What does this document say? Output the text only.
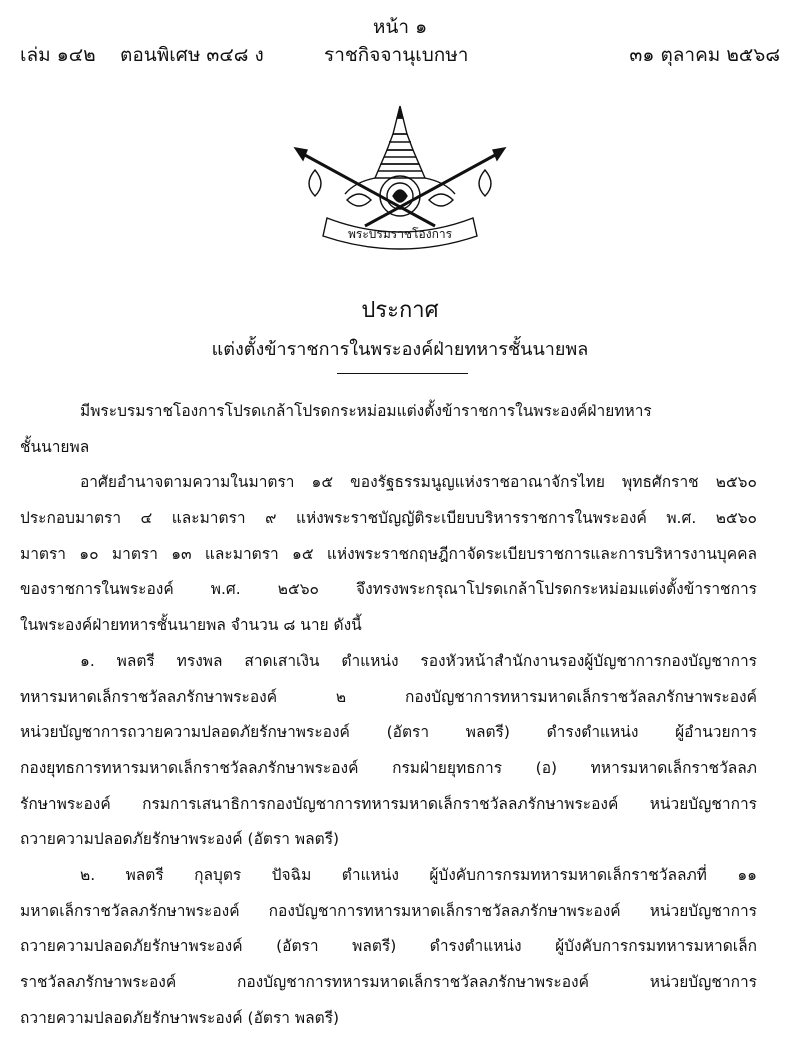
หน้า ๑
เล่ม ๑๔๒ ตอนพิเศษ ๓๔๘ ง	ราชกิจจานุเบกษา	๓๑ ตุลาคม ๒๕๖๘
พระบรมราชโองการ
ประกาศ
แต่งตั้งข้าราชการในพระองค์ฝ่ายทหารชั้นนายพล
มีพระบรมราชโองการโปรดเกล้าโปรดกระหม่อมแต่งตั้งข้าราชการในพระองค์ฝ่ายทหาร
ชั้นนายพล
อาศัยอำนาจตามความในมาตรา ๑๕ ของรัฐธรรมนูญแห่งราชอาณาจักรไทย พุทธศักราช ๒๕๖๐
ประกอบมาตรา ๔ และมาตรา ๙ แห่งพระราชบัญญัติระเบียบบริหารราชการในพระองค์ พ.ศ. ๒๕๖๐
มาตรา ๑๐ มาตรา ๑๓ และมาตรา ๑๕ แห่งพระราชกฤษฎีกาจัดระเบียบราชการและการบริหารงานบุคคล
ของราชการในพระองค์ พ.ศ. ๒๕๖๐ จึงทรงพระกรุณาโปรดเกล้าโปรดกระหม่อมแต่งตั้งข้าราชการ
ในพระองค์ฝ่ายทหารชั้นนายพล จำนวน ๘ นาย ดังนี้
๑. พลตรี ทรงพล สาดเสาเงิน ตำแหน่ง รองหัวหน้าสำนักงานรองผู้บัญชาการกองบัญชาการ
ทหารมหาดเล็กราชวัลลภรักษาพระองค์ ๒ กองบัญชาการทหารมหาดเล็กราชวัลลภรักษาพระองค์
หน่วยบัญชาการถวายความปลอดภัยรักษาพระองค์ (อัตรา พลตรี) ดำรงตำแหน่ง ผู้อำนวยการ
กองยุทธการทหารมหาดเล็กราชวัลลภรักษาพระองค์ กรมฝ่ายยุทธการ (อ) ทหารมหาดเล็กราชวัลลภ
รักษาพระองค์ กรมการเสนาธิการกองบัญชาการทหารมหาดเล็กราชวัลลภรักษาพระองค์ หน่วยบัญชาการ
ถวายความปลอดภัยรักษาพระองค์ (อัตรา พลตรี)
๒. พลตรี กุลบุตร ปัจฉิม ตำแหน่ง ผู้บังคับการกรมทหารมหาดเล็กราชวัลลภที่ ๑๑
มหาดเล็กราชวัลลภรักษาพระองค์ กองบัญชาการทหารมหาดเล็กราชวัลลภรักษาพระองค์ หน่วยบัญชาการ
ถวายความปลอดภัยรักษาพระองค์ (อัตรา พลตรี) ดำรงตำแหน่ง ผู้บังคับการกรมทหารมหาดเล็ก
ราชวัลลภรักษาพระองค์ กองบัญชาการทหารมหาดเล็กราชวัลลภรักษาพระองค์ หน่วยบัญชาการ
ถวายความปลอดภัยรักษาพระองค์ (อัตรา พลตรี)
